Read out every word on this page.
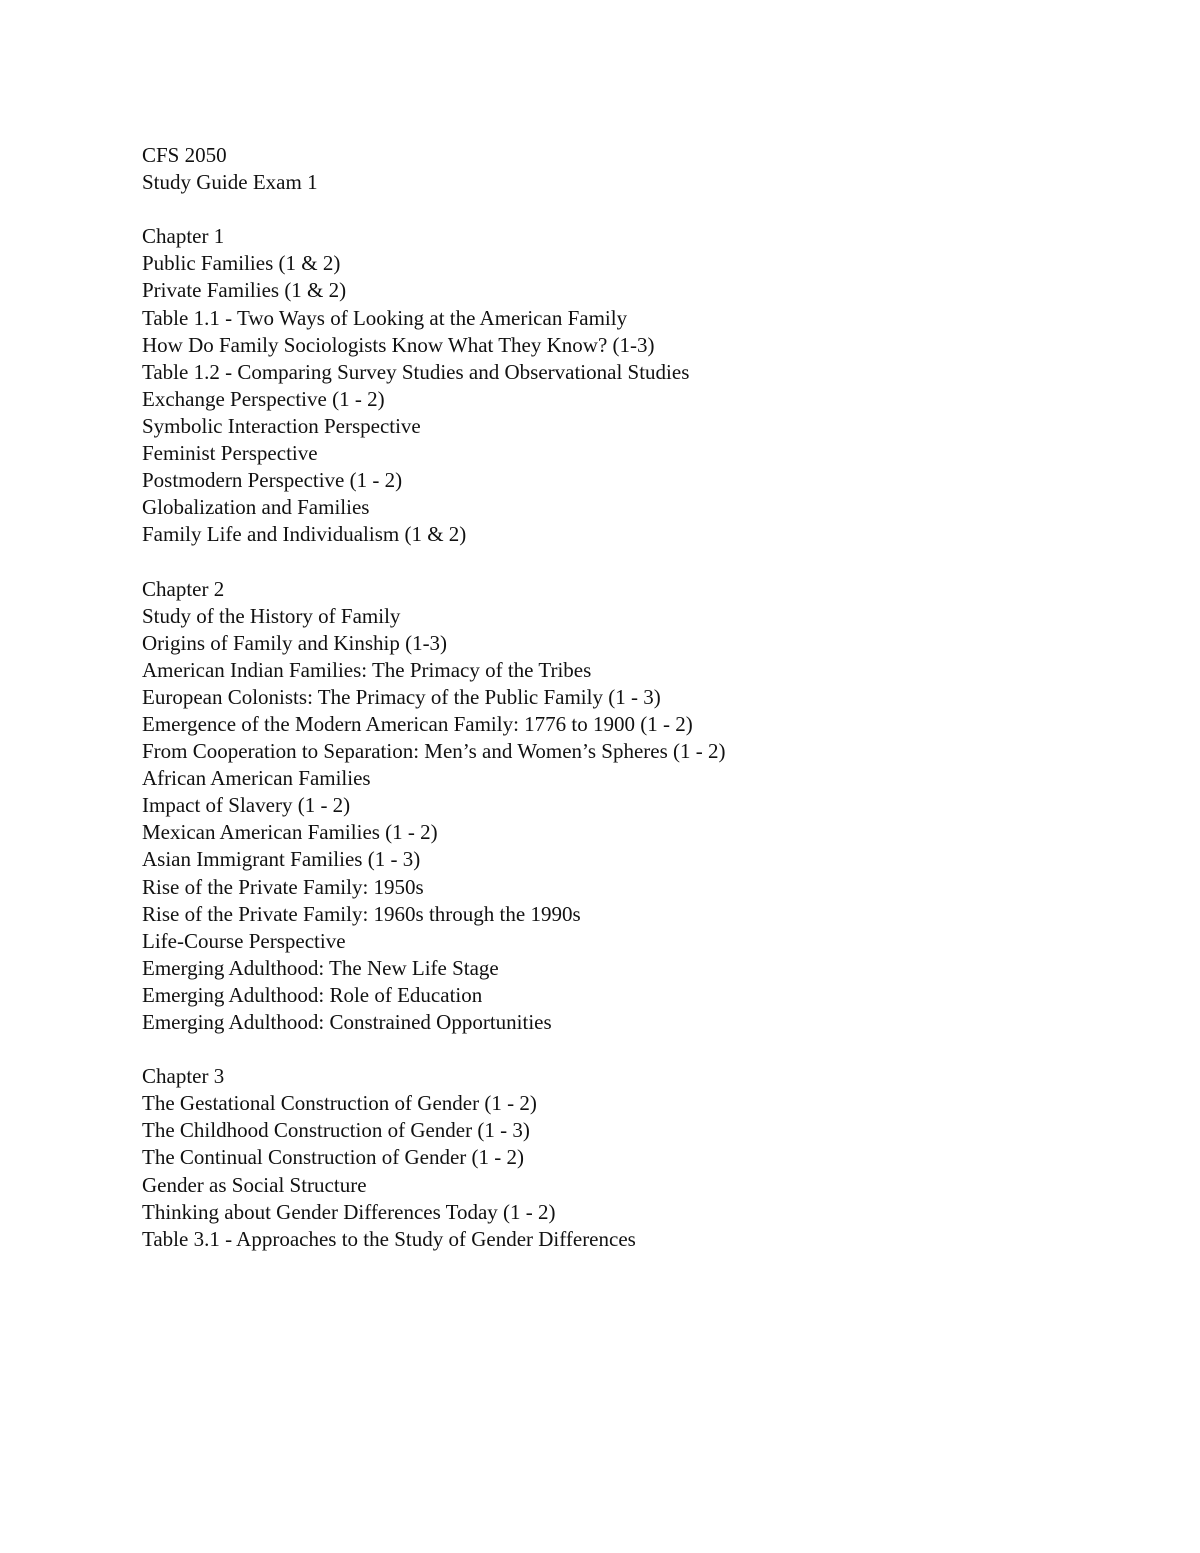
CFS 2050
Study Guide Exam 1
Chapter 1
Public Families (1 & 2)
Private Families (1 & 2)
Table 1.1 - Two Ways of Looking at the American Family
How Do Family Sociologists Know What They Know? (1-3)
Table 1.2 - Comparing Survey Studies and Observational Studies
Exchange Perspective (1 - 2)
Symbolic Interaction Perspective
Feminist Perspective
Postmodern Perspective (1 - 2)
Globalization and Families
Family Life and Individualism (1 & 2)
Chapter 2
Study of the History of Family
Origins of Family and Kinship (1-3)
American Indian Families: The Primacy of the Tribes
European Colonists: The Primacy of the Public Family (1 - 3)
Emergence of the Modern American Family: 1776 to 1900 (1 - 2)
From Cooperation to Separation: Men’s and Women’s Spheres (1 - 2)
African American Families
Impact of Slavery (1 - 2)
Mexican American Families (1 - 2)
Asian Immigrant Families (1 - 3)
Rise of the Private Family: 1950s
Rise of the Private Family: 1960s through the 1990s
Life-Course Perspective
Emerging Adulthood: The New Life Stage
Emerging Adulthood: Role of Education
Emerging Adulthood: Constrained Opportunities
Chapter 3
The Gestational Construction of Gender (1 - 2)
The Childhood Construction of Gender (1 - 3)
The Continual Construction of Gender (1 - 2)
Gender as Social Structure
Thinking about Gender Differences Today (1 - 2)
Table 3.1 - Approaches to the Study of Gender Differences
